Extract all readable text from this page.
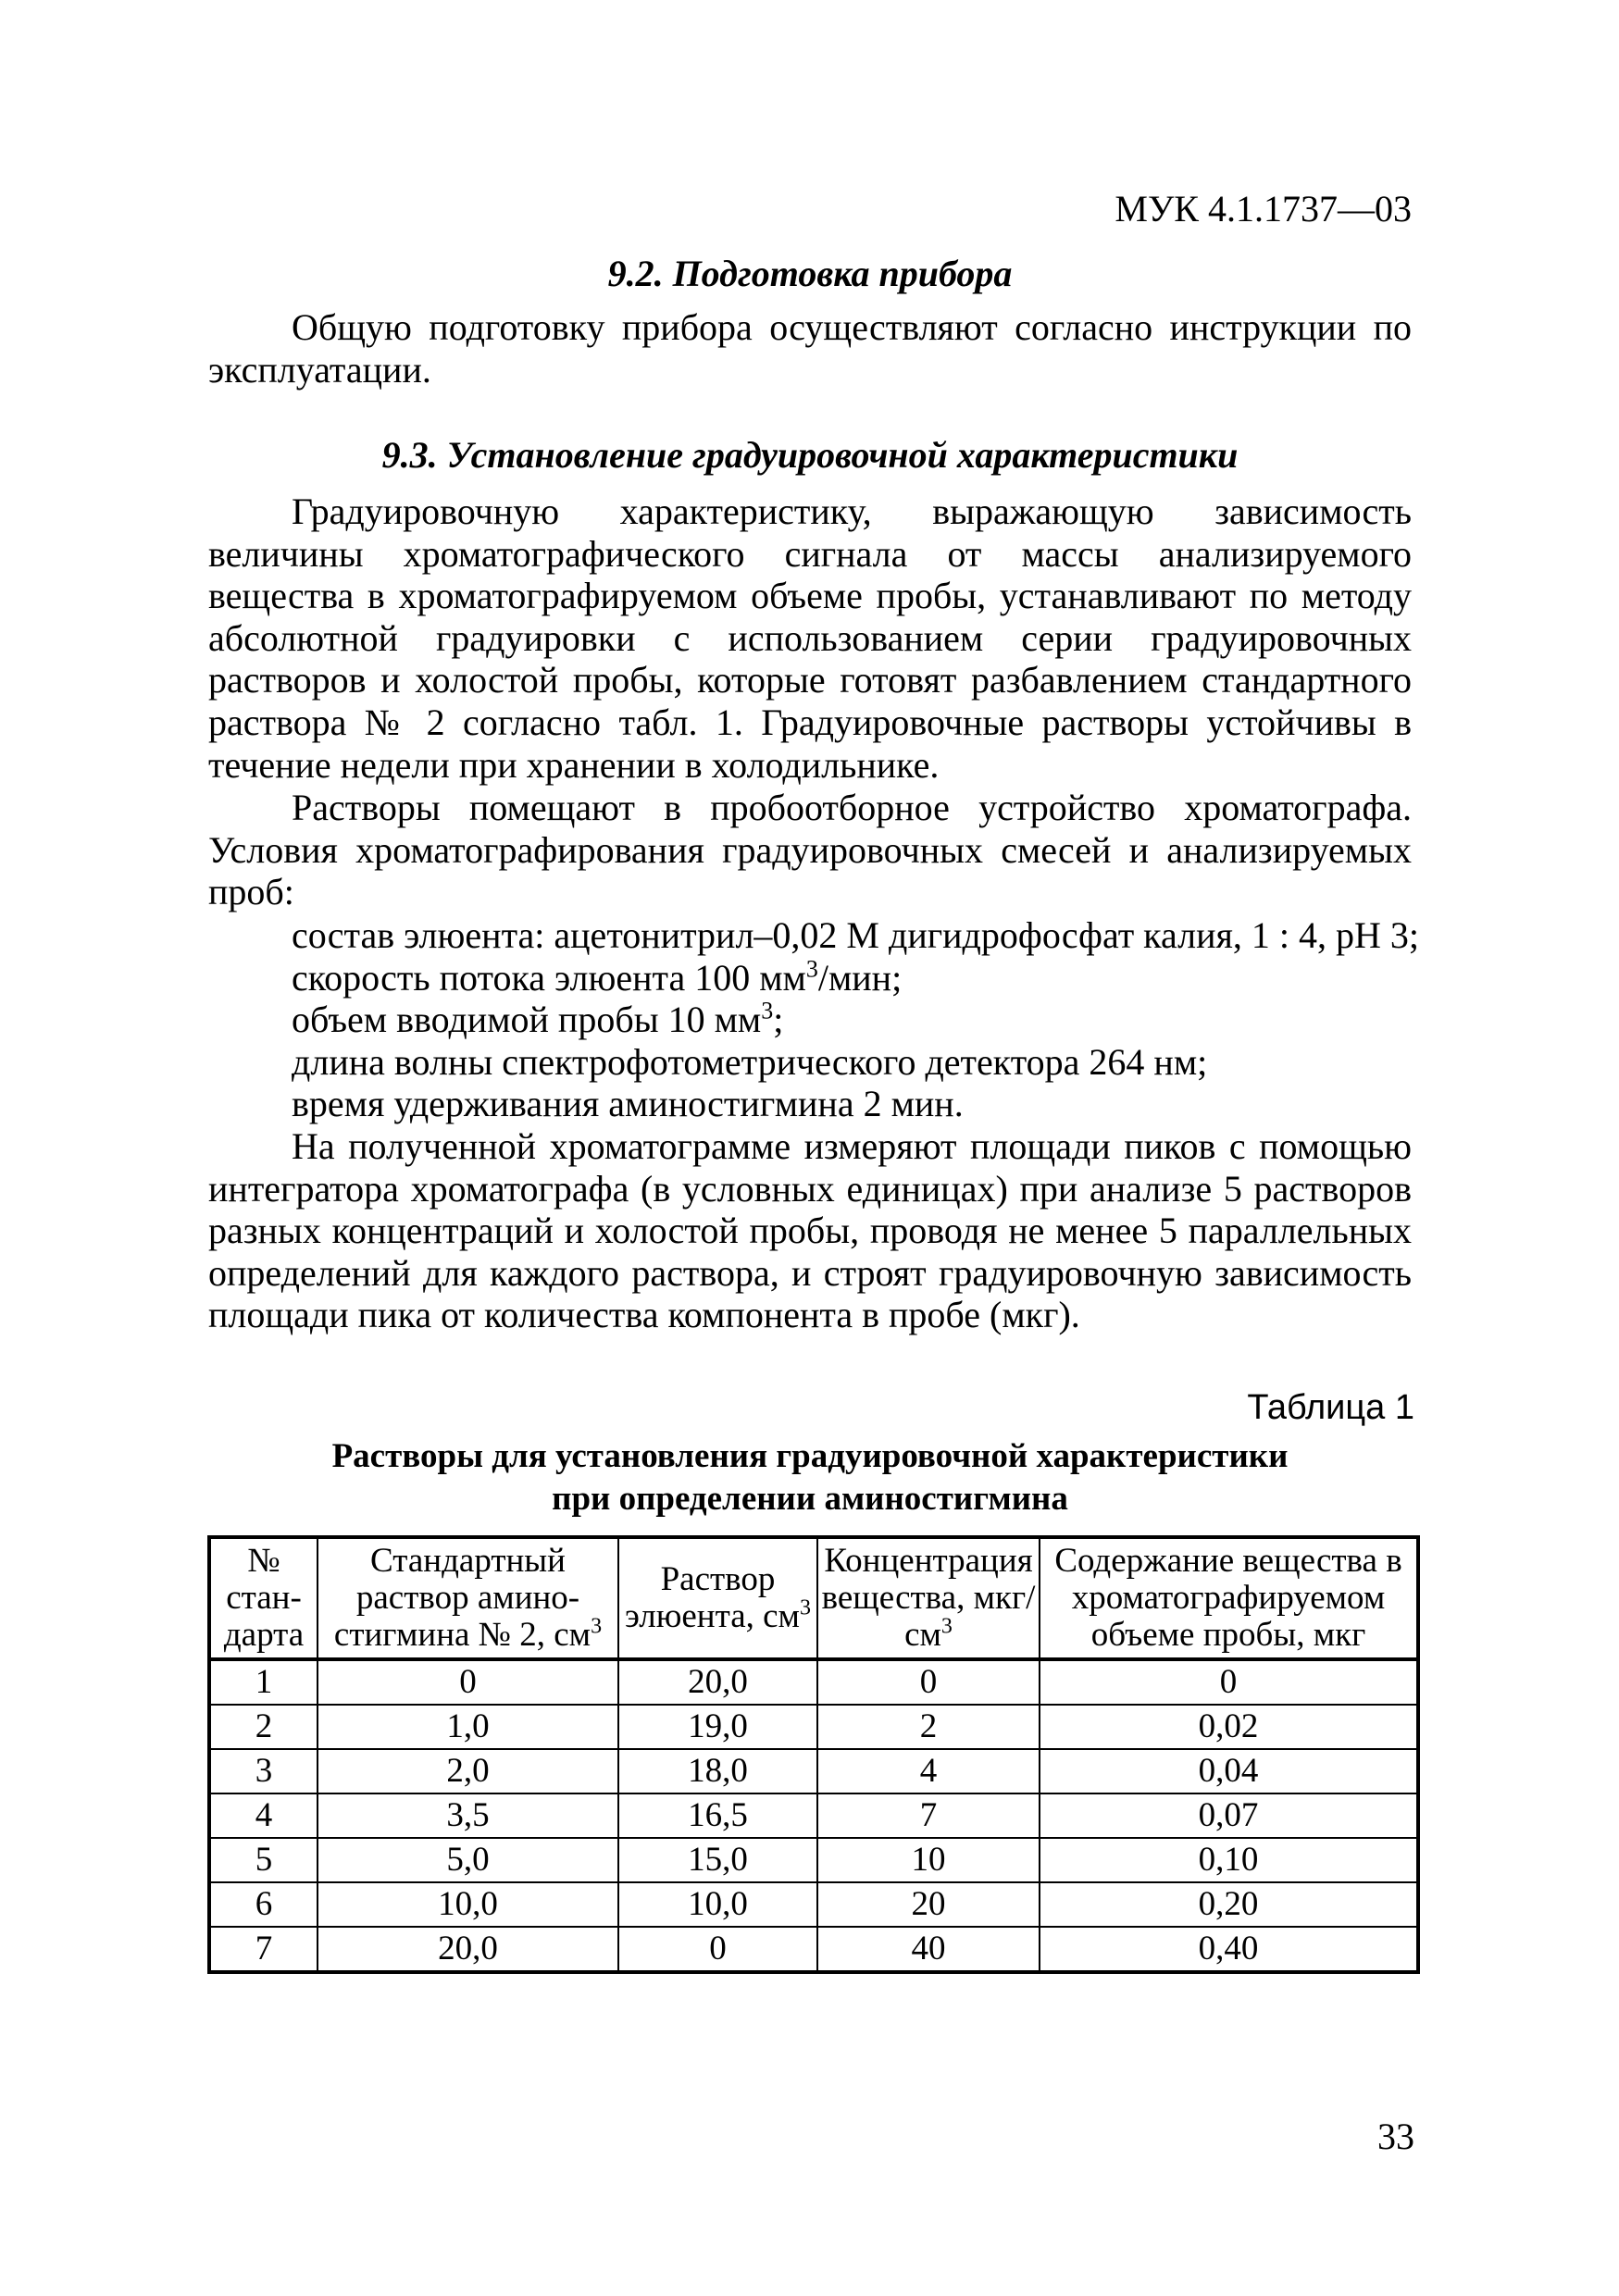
МУК 4.1.1737—03
9.2. Подготовка прибора

Общую подготовку прибора осуществляют согласно инструкции по эксплуатации.

9.3. Установление градуировочной характеристики

Градуировочную характеристику, выражающую зависимость величины хроматографического сигнала от массы анализируемого вещества в хроматографируемом объеме пробы, устанавливают по методу абсолютной градуировки с использованием серии градуировочных растворов и холостой пробы, которые готовят разбавлением стандартного раствора № 2 согласно табл. 1. Градуировочные растворы устойчивы в течение недели при хранении в холодильнике.

Растворы помещают в пробоотборное устройство хроматографа. Условия хроматографирования градуировочных смесей и анализируемых проб:

состав элюента: ацетонитрил–0,02 М дигидрофосфат калия, 1 : 4, pH 3;
скорость потока элюента 100 $мм^3$/мин;
объем вводимой пробы 10 $мм^3$;
длина волны спектрофотометрического детектора 264 нм;
время удерживания аминостигмина 2 мин.

На полученной хроматограмме измеряют площади пиков с помощью интегратора хроматографа (в условных единицах) при анализе 5 растворов разных концентраций и холостой пробы, проводя не менее 5 параллельных определений для каждого раствора, и строят градуировочную зависимость площади пика от количества компонента в пробе (мкг).

Таблица 1
Растворы для установления градуировочной характеристики
при определении аминостигмина
№ стан-дарта	Стандартный раствор амино-стигмина № 2, $см^3$	Раствор элюента, $см^3$	Концентрация вещества, мкг/$см^3$	Содержание вещества в хроматографируемом объеме пробы, мкг
1	0	20,0	0	0
2	1,0	19,0	2	0,02
3	2,0	18,0	4	0,04
4	3,5	16,5	7	0,07
5	5,0	15,0	10	0,10
6	10,0	10,0	20	0,20
7	20,0	0	40	0,40
33
